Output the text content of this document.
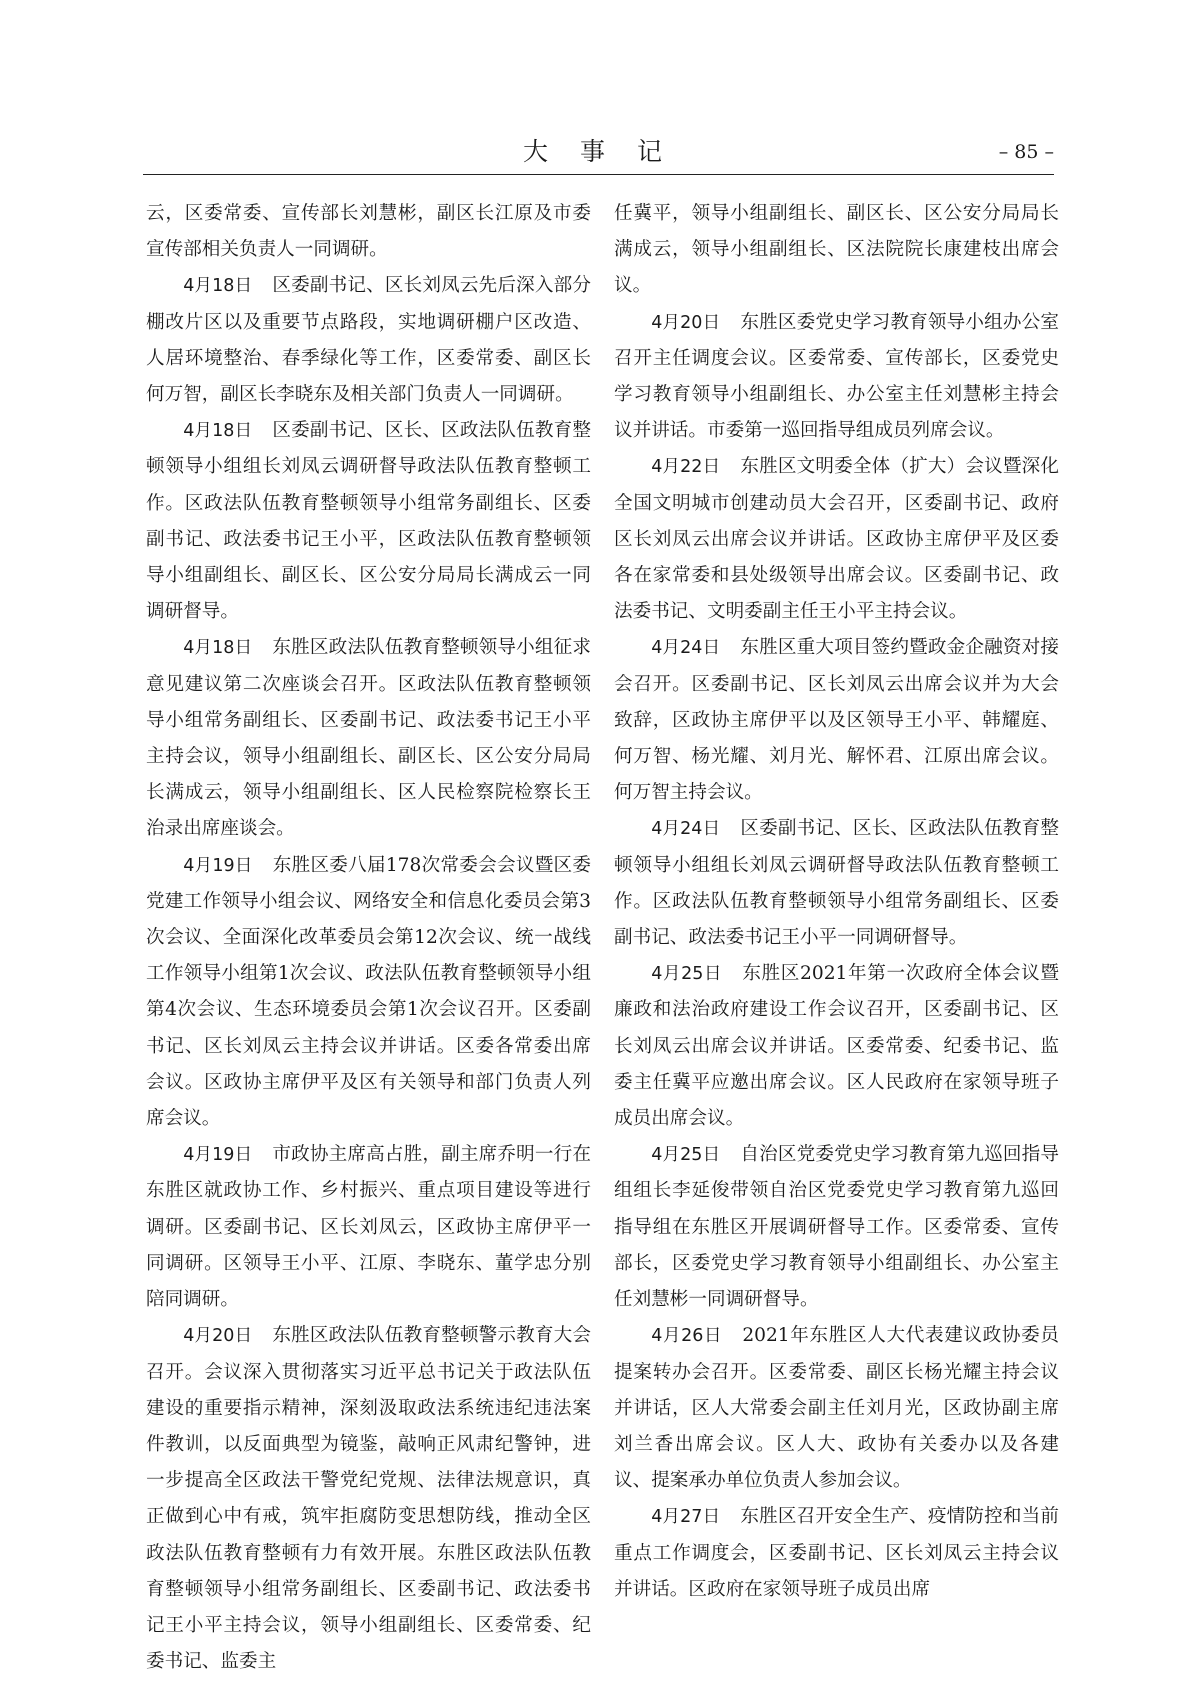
大 事 记	– 85 –

云，区委常委、宣传部长刘慧彬，副区长江原及市委宣传部相关负责人一同调研。

4月18日 区委副书记、区长刘凤云先后深入部分棚改片区以及重要节点路段，实地调研棚户区改造、人居环境整治、春季绿化等工作，区委常委、副区长何万智，副区长李晓东及相关部门负责人一同调研。

4月18日 区委副书记、区长、区政法队伍教育整顿领导小组组长刘凤云调研督导政法队伍教育整顿工作。区政法队伍教育整顿领导小组常务副组长、区委副书记、政法委书记王小平，区政法队伍教育整顿领导小组副组长、副区长、区公安分局局长满成云一同调研督导。

4月18日 东胜区政法队伍教育整顿领导小组征求意见建议第二次座谈会召开。区政法队伍教育整顿领导小组常务副组长、区委副书记、政法委书记王小平主持会议，领导小组副组长、副区长、区公安分局局长满成云，领导小组副组长、区人民检察院检察长王治录出席座谈会。

4月19日 东胜区委八届178次常委会会议暨区委党建工作领导小组会议、网络安全和信息化委员会第3次会议、全面深化改革委员会第12次会议、统一战线工作领导小组第1次会议、政法队伍教育整顿领导小组第4次会议、生态环境委员会第1次会议召开。区委副书记、区长刘凤云主持会议并讲话。区委各常委出席会议。区政协主席伊平及区有关领导和部门负责人列席会议。

4月19日 市政协主席高占胜，副主席乔明一行在东胜区就政协工作、乡村振兴、重点项目建设等进行调研。区委副书记、区长刘凤云，区政协主席伊平一同调研。区领导王小平、江原、李晓东、董学忠分别陪同调研。

4月20日 东胜区政法队伍教育整顿警示教育大会召开。会议深入贯彻落实习近平总书记关于政法队伍建设的重要指示精神，深刻汲取政法系统违纪违法案件教训，以反面典型为镜鉴，敲响正风肃纪警钟，进一步提高全区政法干警党纪党规、法律法规意识，真正做到心中有戒，筑牢拒腐防变思想防线，推动全区政法队伍教育整顿有力有效开展。东胜区政法队伍教育整顿领导小组常务副组长、区委副书记、政法委书记王小平主持会议，领导小组副组长、区委常委、纪委书记、监委主

任冀平，领导小组副组长、副区长、区公安分局局长满成云，领导小组副组长、区法院院长康建枝出席会议。

4月20日 东胜区委党史学习教育领导小组办公室召开主任调度会议。区委常委、宣传部长，区委党史学习教育领导小组副组长、办公室主任刘慧彬主持会议并讲话。市委第一巡回指导组成员列席会议。

4月22日 东胜区文明委全体（扩大）会议暨深化全国文明城市创建动员大会召开，区委副书记、政府区长刘凤云出席会议并讲话。区政协主席伊平及区委各在家常委和县处级领导出席会议。区委副书记、政法委书记、文明委副主任王小平主持会议。

4月24日 东胜区重大项目签约暨政金企融资对接会召开。区委副书记、区长刘凤云出席会议并为大会致辞，区政协主席伊平以及区领导王小平、韩耀庭、何万智、杨光耀、刘月光、解怀君、江原出席会议。何万智主持会议。

4月24日 区委副书记、区长、区政法队伍教育整顿领导小组组长刘凤云调研督导政法队伍教育整顿工作。区政法队伍教育整顿领导小组常务副组长、区委副书记、政法委书记王小平一同调研督导。

4月25日 东胜区2021年第一次政府全体会议暨廉政和法治政府建设工作会议召开，区委副书记、区长刘凤云出席会议并讲话。区委常委、纪委书记、监委主任冀平应邀出席会议。区人民政府在家领导班子成员出席会议。

4月25日 自治区党委党史学习教育第九巡回指导组组长李延俊带领自治区党委党史学习教育第九巡回指导组在东胜区开展调研督导工作。区委常委、宣传部长，区委党史学习教育领导小组副组长、办公室主任刘慧彬一同调研督导。

4月26日 2021年东胜区人大代表建议政协委员提案转办会召开。区委常委、副区长杨光耀主持会议并讲话，区人大常委会副主任刘月光，区政协副主席刘兰香出席会议。区人大、政协有关委办以及各建议、提案承办单位负责人参加会议。

4月27日 东胜区召开安全生产、疫情防控和当前重点工作调度会，区委副书记、区长刘凤云主持会议并讲话。区政府在家领导班子成员出席
